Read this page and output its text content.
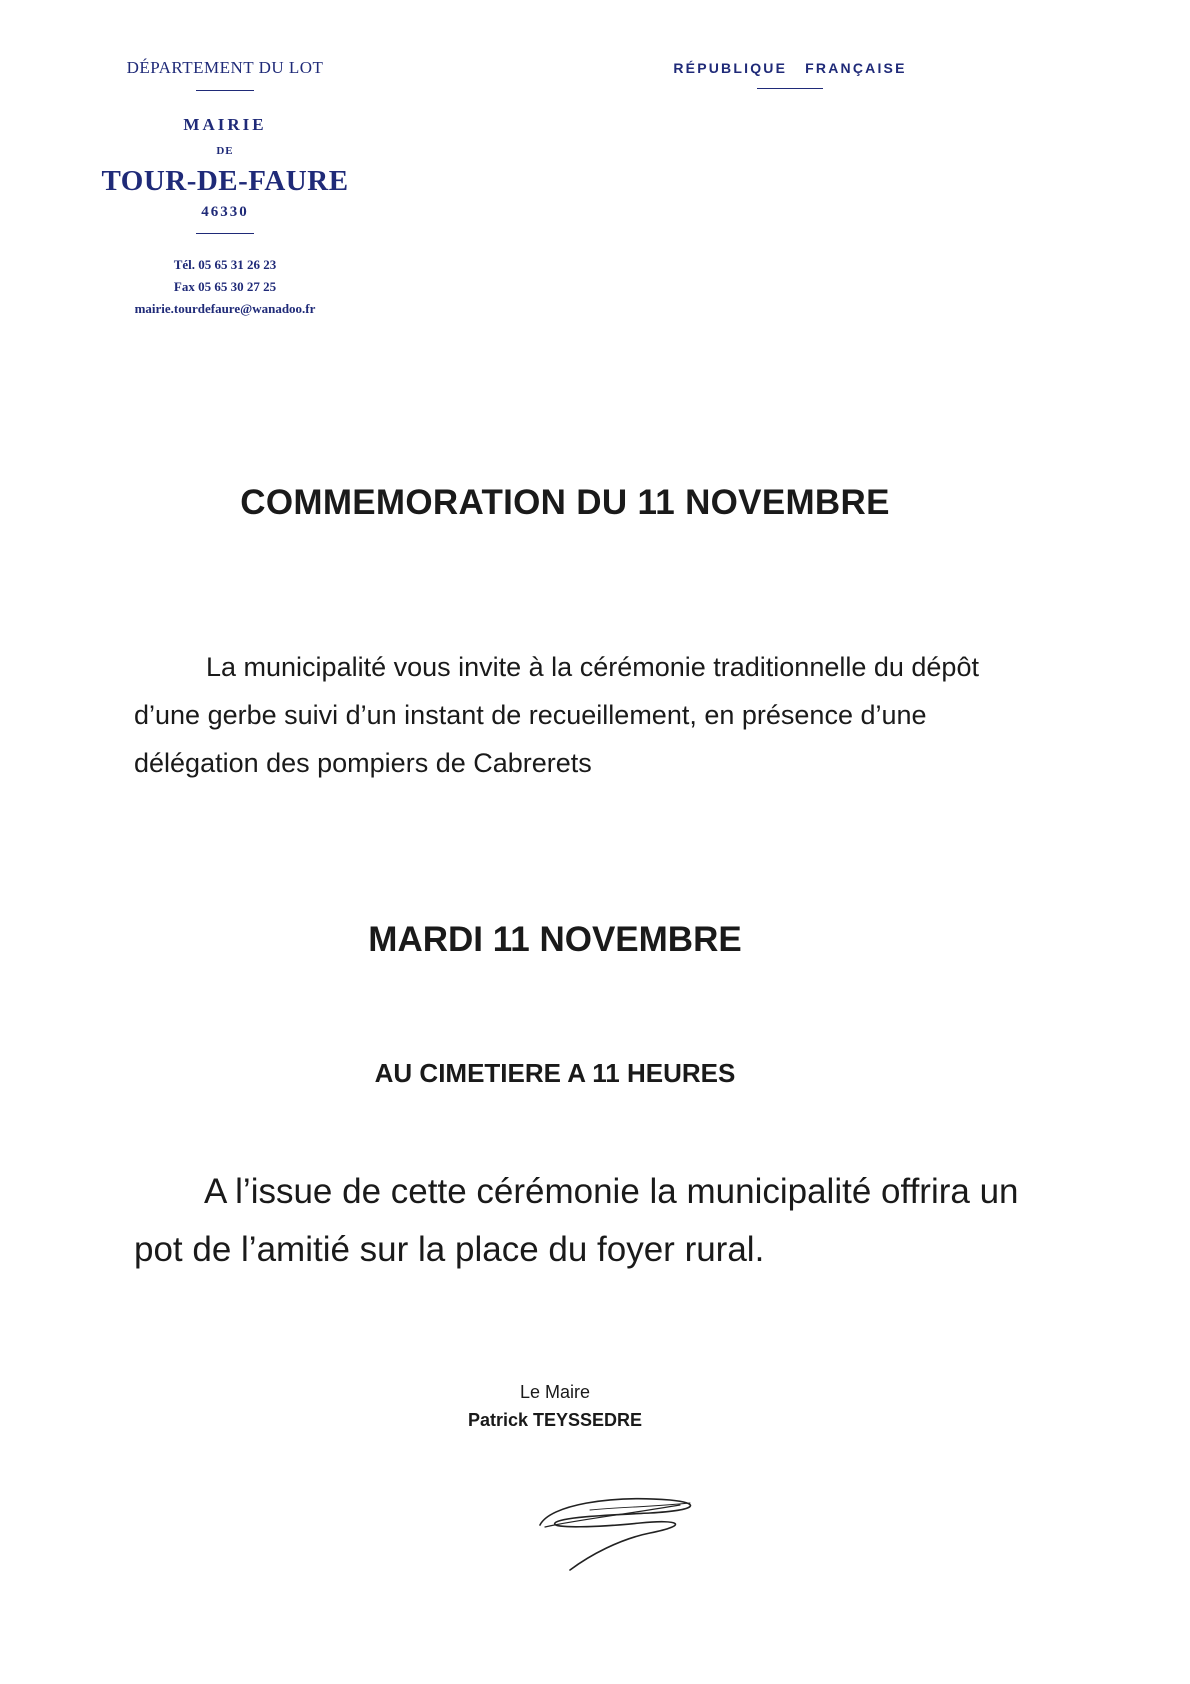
DÉPARTEMENT DU LOT
MAIRIE
DE
TOUR-DE-FAURE
46330
Tél. 05 65 31 26 23
Fax 05 65 30 27 25
mairie.tourdefaure@wanadoo.fr
RÉPUBLIQUE FRANÇAISE
COMMEMORATION DU 11 NOVEMBRE
La municipalité vous invite à la cérémonie traditionnelle du dépôt d’une gerbe suivi d’un instant de recueillement, en présence d’une délégation des pompiers de Cabrerets
MARDI 11 NOVEMBRE
AU CIMETIERE A 11 HEURES
A l’issue de cette cérémonie la municipalité offrira un pot de l’amitié sur la place du foyer rural.
Le Maire
Patrick TEYSSEDRE
